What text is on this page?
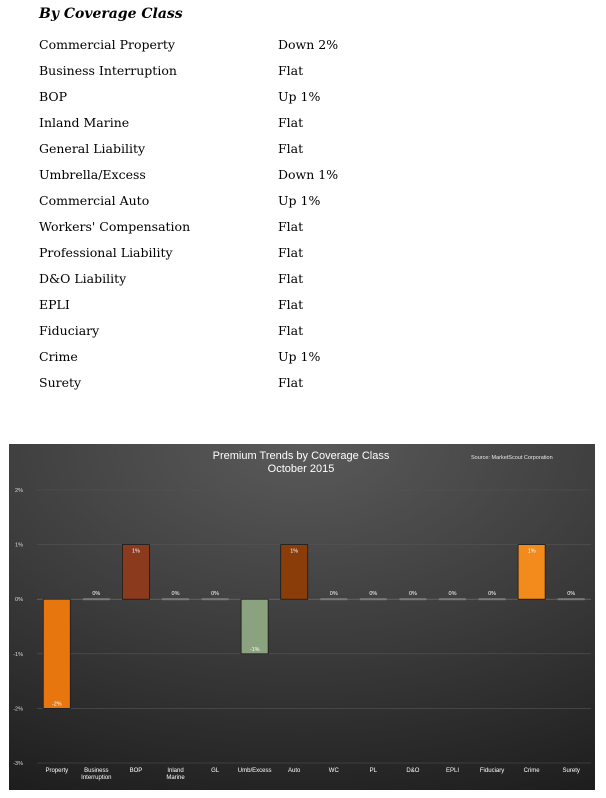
By Coverage Class
Commercial Property	Down 2%
Business Interruption	Flat
BOP	Up 1%
Inland Marine	Flat
General Liability	Flat
Umbrella/Excess	Down 1%
Commercial Auto	Up 1%
Workers' Compensation	Flat
Professional Liability	Flat
D&O Liability	Flat
EPLI	Flat
Fiduciary	Flat
Crime	Up 1%
Surety	Flat
Premium Trends by Coverage Class
October 2015
Source: MarketScout Corporation
2%
1%
0%
-1%
-2%
-3%
-2%
Property
0%
Business Interruption
1%
BOP
0%
Inland Marine
0%
GL
-1%
Umb/Excess
1%
Auto
0%
WC
0%
PL
0%
D&O
0%
EPLI
0%
Fiduciary
1%
Crime
0%
Surety
